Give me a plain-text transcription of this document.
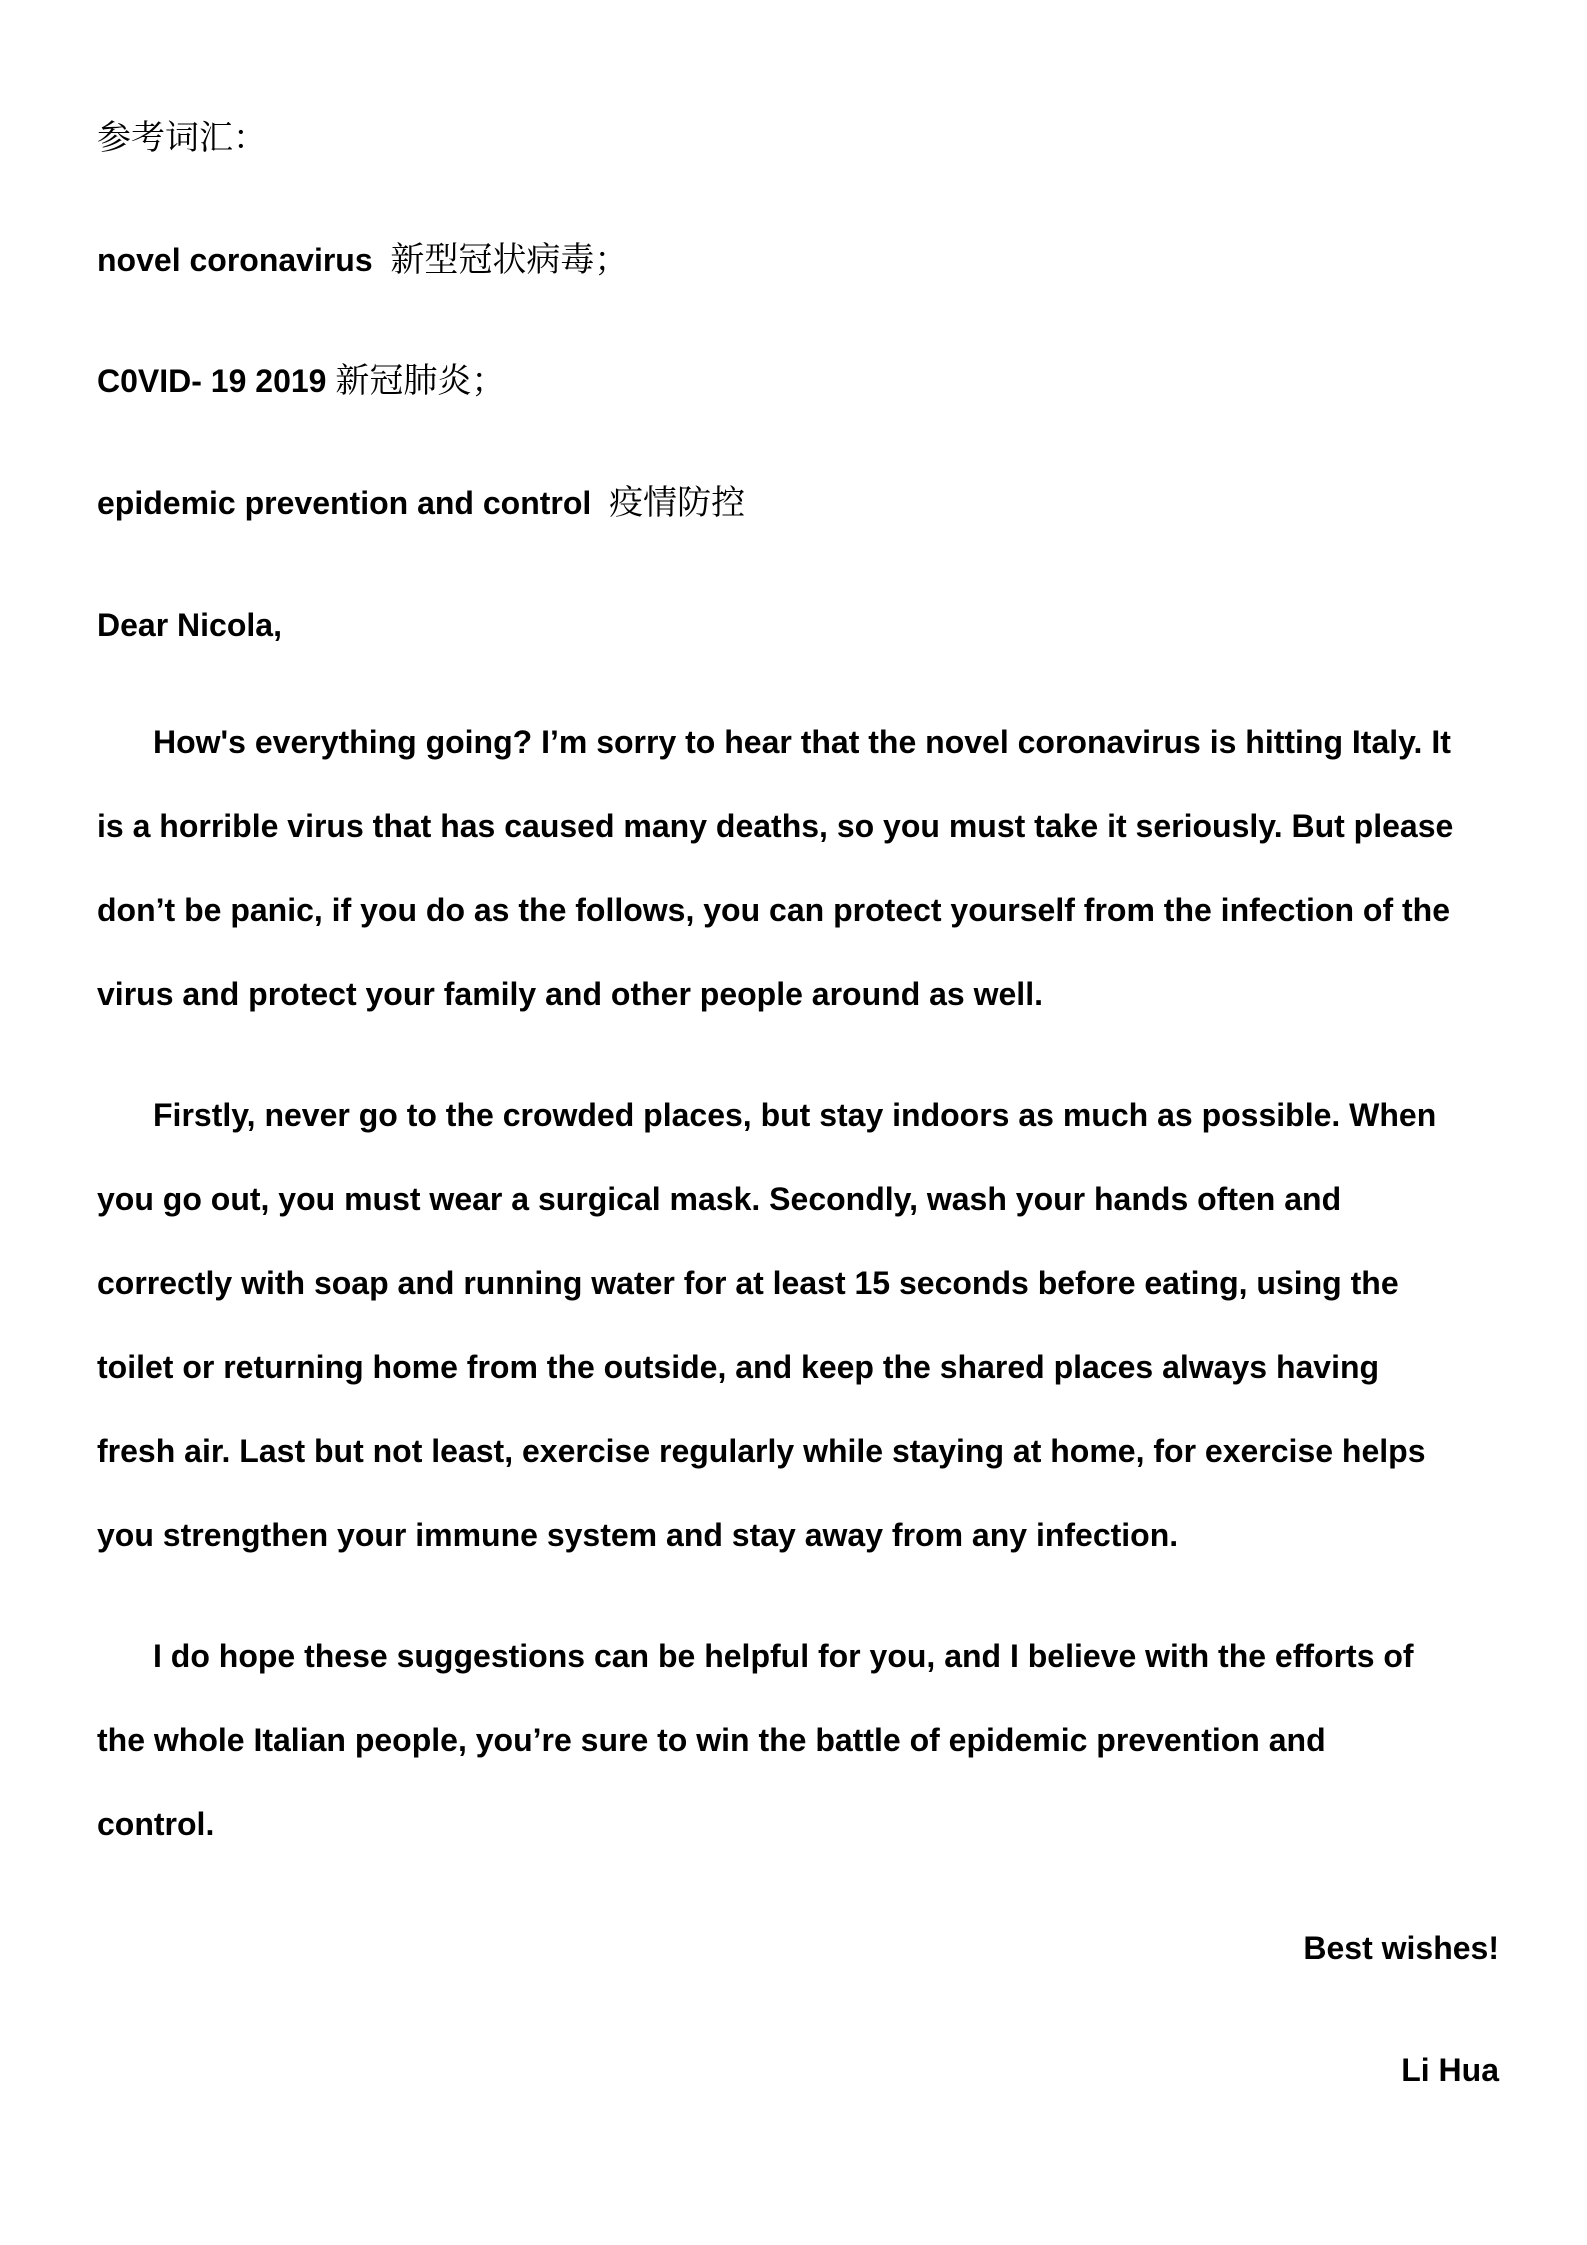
参考词汇：
novel coronavirus 新型冠状病毒；
C0VID- 19 2019 新冠肺炎；
epidemic prevention and control 疫情防控
Dear Nicola,
How's everything going? I’m sorry to hear that the novel coronavirus is hitting Italy. It
is a horrible virus that has caused many deaths, so you must take it seriously. But please
don’t be panic, if you do as the follows, you can protect yourself from the infection of the
virus and protect your family and other people around as well.
Firstly, never go to the crowded places, but stay indoors as much as possible. When
you go out, you must wear a surgical mask. Secondly, wash your hands often and
correctly with soap and running water for at least 15 seconds before eating, using the
toilet or returning home from the outside, and keep the shared places always having
fresh air. Last but not least, exercise regularly while staying at home, for exercise helps
you strengthen your immune system and stay away from any infection.
I do hope these suggestions can be helpful for you, and I believe with the efforts of
the whole Italian people, you’re sure to win the battle of epidemic prevention and
control.
Best wishes!
Li Hua
